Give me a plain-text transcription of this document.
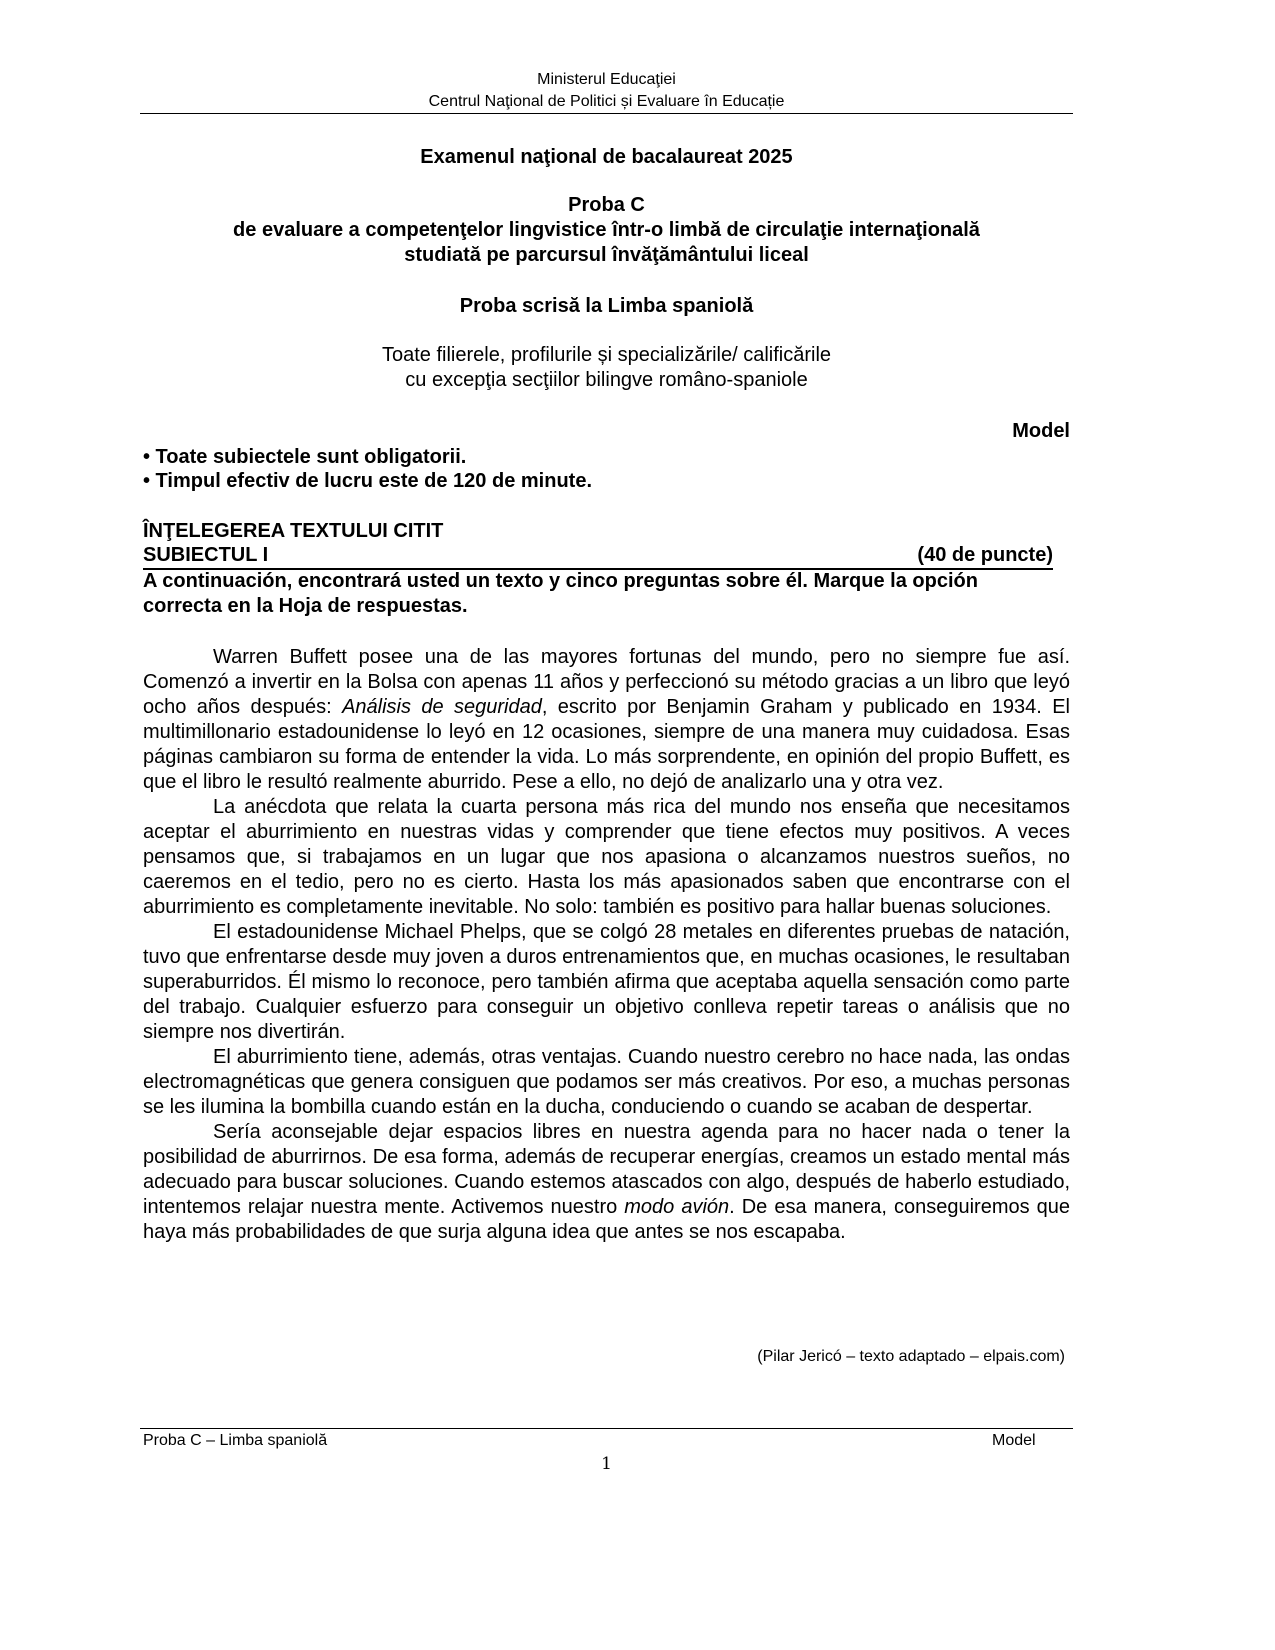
Ministerul Educaţiei
Centrul Naţional de Politici și Evaluare în Educație
Examenul naţional de bacalaureat 2025
Proba C
de evaluare a competenţelor lingvistice într-o limbă de circulaţie internaţională
studiată pe parcursul învăţământului liceal
Proba scrisă la Limba spaniolă
Toate filierele, profilurile și specializările/ calificările
cu excepţia secţiilor bilingve româno-spaniole
Model
• Toate subiectele sunt obligatorii.
• Timpul efectiv de lucru este de 120 de minute.
ÎNŢELEGEREA TEXTULUI CITIT
SUBIECTUL I	(40 de puncte)
A continuación, encontrará usted un texto y cinco preguntas sobre él. Marque la opción correcta en la Hoja de respuestas.

Warren Buffett posee una de las mayores fortunas del mundo, pero no siempre fue así. Comenzó a invertir en la Bolsa con apenas 11 años y perfeccionó su método gracias a un libro que leyó ocho años después: Análisis de seguridad, escrito por Benjamin Graham y publicado en 1934. El multimillonario estadounidense lo leyó en 12 ocasiones, siempre de una manera muy cuidadosa. Esas páginas cambiaron su forma de entender la vida. Lo más sorprendente, en opinión del propio Buffett, es que el libro le resultó realmente aburrido. Pese a ello, no dejó de analizarlo una y otra vez.

La anécdota que relata la cuarta persona más rica del mundo nos enseña que necesitamos aceptar el aburrimiento en nuestras vidas y comprender que tiene efectos muy positivos. A veces pensamos que, si trabajamos en un lugar que nos apasiona o alcanzamos nuestros sueños, no caeremos en el tedio, pero no es cierto. Hasta los más apasionados saben que encontrarse con el aburrimiento es completamente inevitable. No solo: también es positivo para hallar buenas soluciones.

El estadounidense Michael Phelps, que se colgó 28 metales en diferentes pruebas de natación, tuvo que enfrentarse desde muy joven a duros entrenamientos que, en muchas ocasiones, le resultaban superaburridos. Él mismo lo reconoce, pero también afirma que aceptaba aquella sensación como parte del trabajo. Cualquier esfuerzo para conseguir un objetivo conlleva repetir tareas o análisis que no siempre nos divertirán.

El aburrimiento tiene, además, otras ventajas. Cuando nuestro cerebro no hace nada, las ondas electromagnéticas que genera consiguen que podamos ser más creativos. Por eso, a muchas personas se les ilumina la bombilla cuando están en la ducha, conduciendo o cuando se acaban de despertar.

Sería aconsejable dejar espacios libres en nuestra agenda para no hacer nada o tener la posibilidad de aburrirnos. De esa forma, además de recuperar energías, creamos un estado mental más adecuado para buscar soluciones. Cuando estemos atascados con algo, después de haberlo estudiado, intentemos relajar nuestra mente. Activemos nuestro modo avión. De esa manera, conseguiremos que haya más probabilidades de que surja alguna idea que antes se nos escapaba.

(Pilar Jericó – texto adaptado – elpais.com)
Proba C – Limba spaniolă	Model
1
